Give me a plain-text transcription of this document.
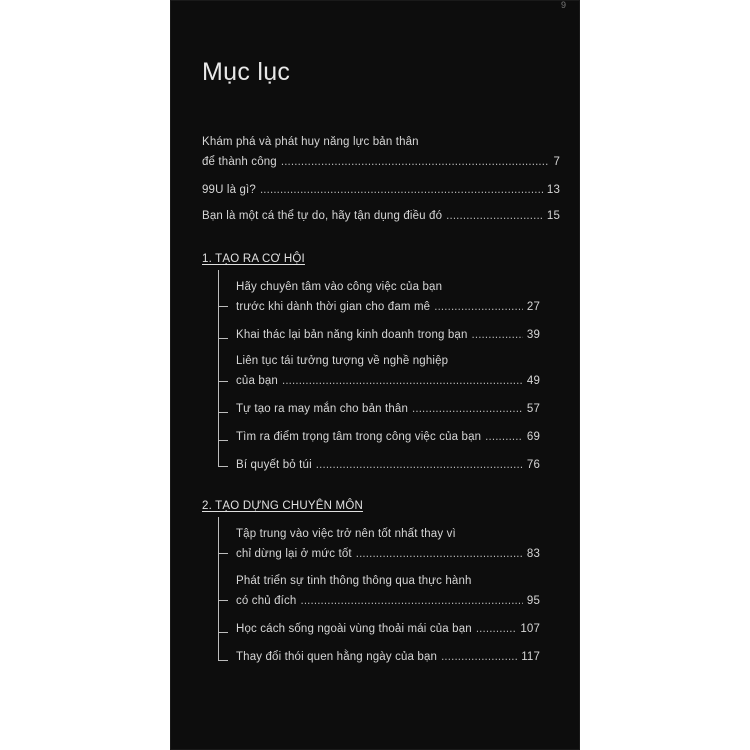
9
Mục lục
Khám phá và phát huy năng lực bản thân
để thành công .....	7
99U là gì? .....	13
Bạn là một cá thể tự do, hãy tận dụng điều đó .....	15
1. TẠO RA CƠ HỘI
Hãy chuyên tâm vào công việc của bạn
trước khi dành thời gian cho đam mê .....	27
Khai thác lại bản năng kinh doanh trong bạn .....	39
Liên tục tái tưởng tượng về nghề nghiệp
của bạn .....	49
Tự tạo ra may mắn cho bản thân .....	57
Tìm ra điểm trọng tâm trong công việc của bạn .....	69
Bí quyết bỏ túi .....	76
2. TẠO DỰNG CHUYÊN MÔN
Tập trung vào việc trở nên tốt nhất thay vì
chỉ dừng lại ở mức tốt .....	83
Phát triển sự tinh thông thông qua thực hành
có chủ đích .....	95
Học cách sống ngoài vùng thoải mái của bạn .....	107
Thay đổi thói quen hằng ngày của bạn .....	117
